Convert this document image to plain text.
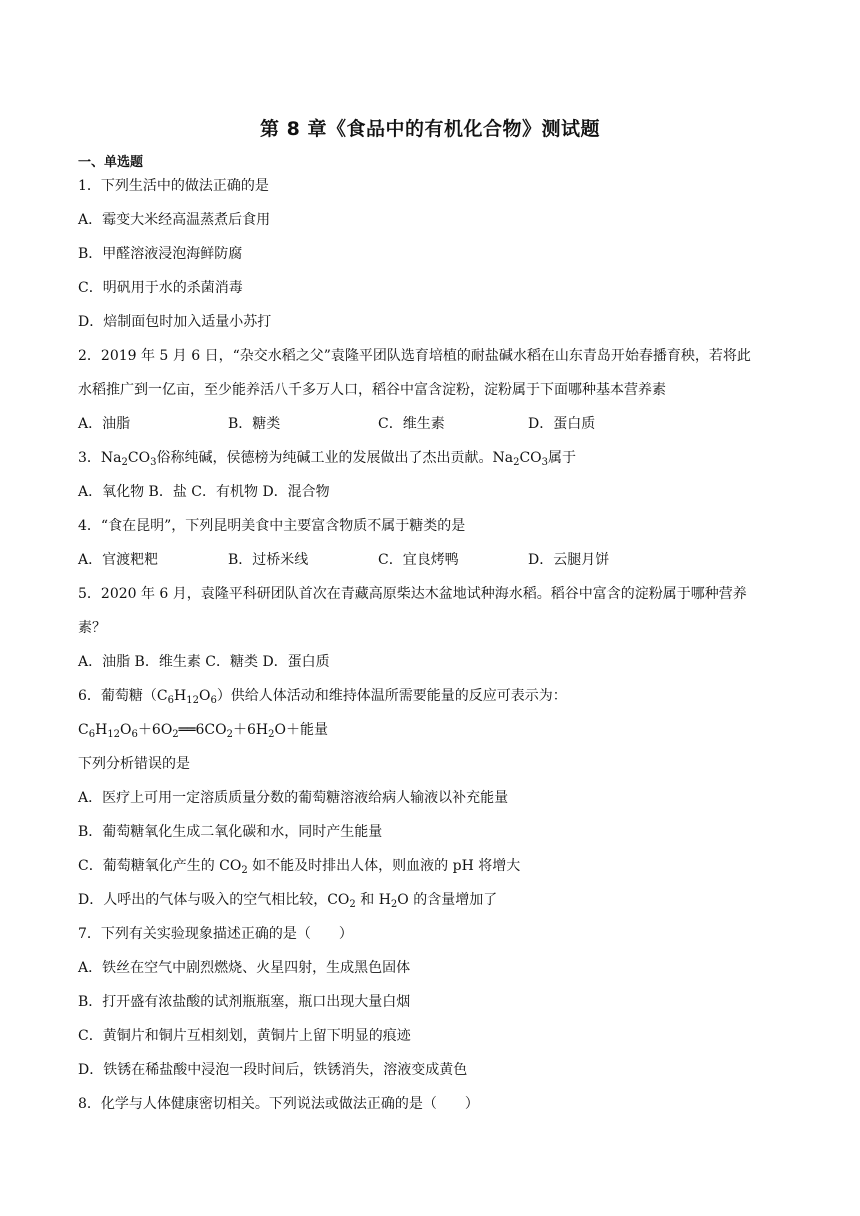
第 8 章《食品中的有机化合物》测试题
一、单选题
1．下列生活中的做法正确的是
A．霉变大米经高温蒸煮后食用
B．甲醛溶液浸泡海鲜防腐
C．明矾用于水的杀菌消毒
D．焙制面包时加入适量小苏打
2．2019 年 5 月 6 日，“杂交水稻之父”袁隆平团队选育培植的耐盐碱水稻在山东青岛开始春播育秧，若将此
水稻推广到一亿亩，至少能养活八千多万人口，稻谷中富含淀粉，淀粉属于下面哪种基本营养素
A．油脂	B．糖类	C．维生素	D．蛋白质
3．$Na_2CO_3$俗称纯碱，侯德榜为纯碱工业的发展做出了杰出贡献。$Na_2CO_3$属于
A．氧化物 B．盐 C．有机物 D．混合物
4．“食在昆明”，下列昆明美食中主要富含物质不属于糖类的是
A．官渡粑粑	B．过桥米线	C．宜良烤鸭	D．云腿月饼
5．2020 年 6 月，袁隆平科研团队首次在青藏高原柴达木盆地试种海水稻。稻谷中富含的淀粉属于哪种营养
素？
A．油脂 B．维生素 C．糖类 D．蛋白质
6．葡萄糖$(C_6H_{12}O_6)$供给人体活动和维持体温所需要能量的反应可表示为：
$C_6H_{12}O_6+6O_2══6CO_2+6H_2O+$能量
下列分析错误的是
A．医疗上可用一定溶质质量分数的葡萄糖溶液给病人输液以补充能量
B．葡萄糖氧化生成二氧化碳和水，同时产生能量
C．葡萄糖氧化产生的 $CO_2$ 如不能及时排出人体，则血液的 pH 将增大
D．人呼出的气体与吸入的空气相比较，$CO_2$ 和 $H_2O$ 的含量增加了
7．下列有关实验现象描述正确的是（　　）
A．铁丝在空气中剧烈燃烧、火星四射，生成黑色固体
B．打开盛有浓盐酸的试剂瓶瓶塞，瓶口出现大量白烟
C．黄铜片和铜片互相刻划，黄铜片上留下明显的痕迹
D．铁锈在稀盐酸中浸泡一段时间后，铁锈消失，溶液变成黄色
8．化学与人体健康密切相关。下列说法或做法正确的是（　　）
